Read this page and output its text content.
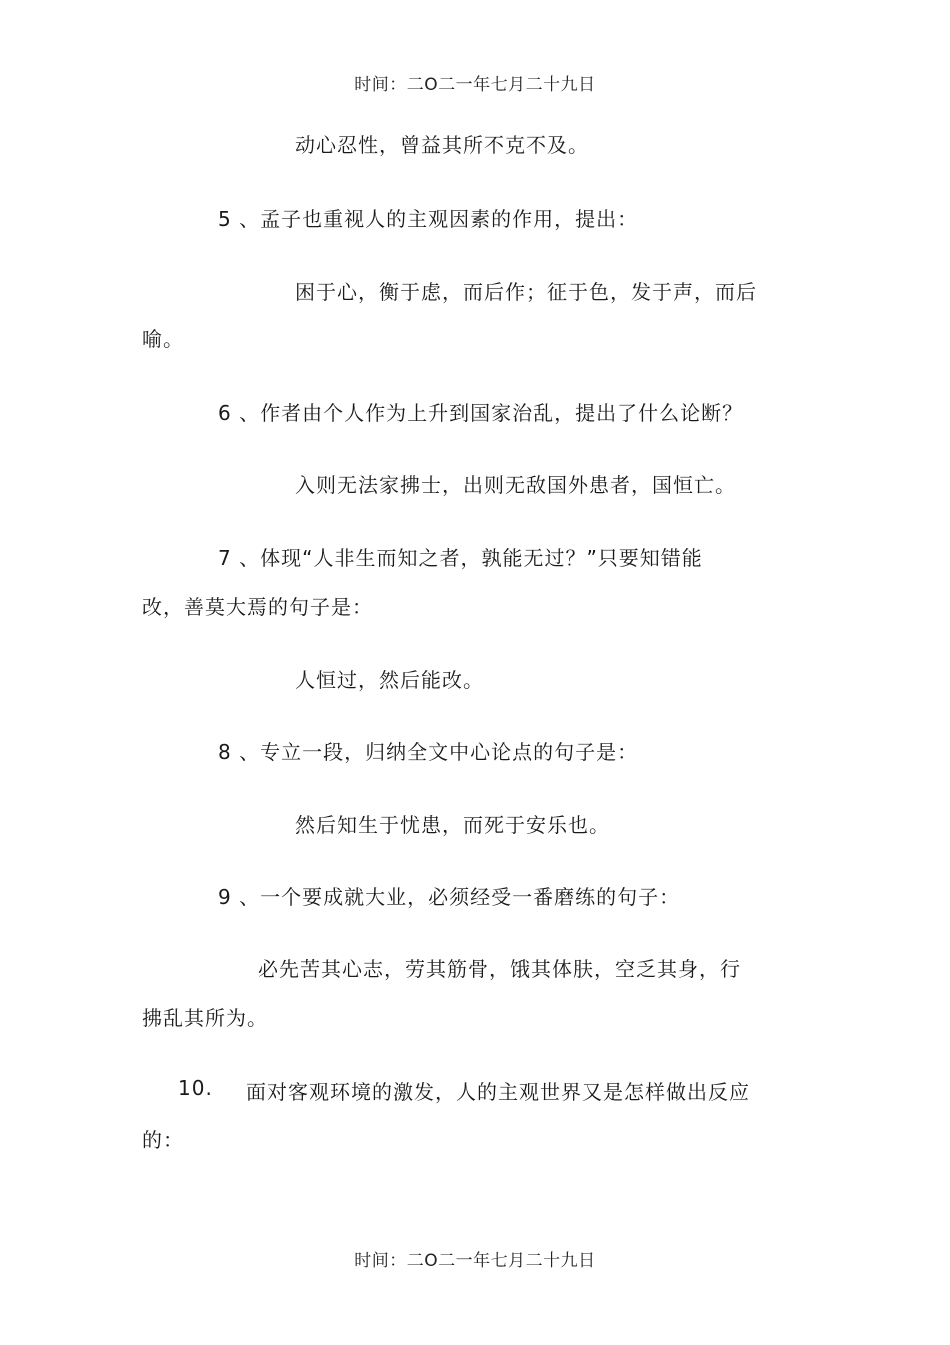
时间：二O二一年七月二十九日
动心忍性，曾益其所不克不及。
5 、孟子也重视人的主观因素的作用，提出：
困于心，衡于虑，而后作；征于色，发于声，而后
喻。
6 、作者由个人作为上升到国家治乱，提出了什么论断？
入则无法家拂士，出则无敌国外患者，国恒亡。
7 、体现“人非生而知之者，孰能无过？”只要知错能
改，善莫大焉的句子是：
人恒过，然后能改。
8 、专立一段，归纳全文中心论点的句子是：
然后知生于忧患，而死于安乐也。
9 、一个要成就大业，必须经受一番磨练的句子：
必先苦其心志，劳其筋骨，饿其体肤，空乏其身，行
拂乱其所为。
10. 面对客观环境的激发，人的主观世界又是怎样做出反应
的：
时间：二O二一年七月二十九日
